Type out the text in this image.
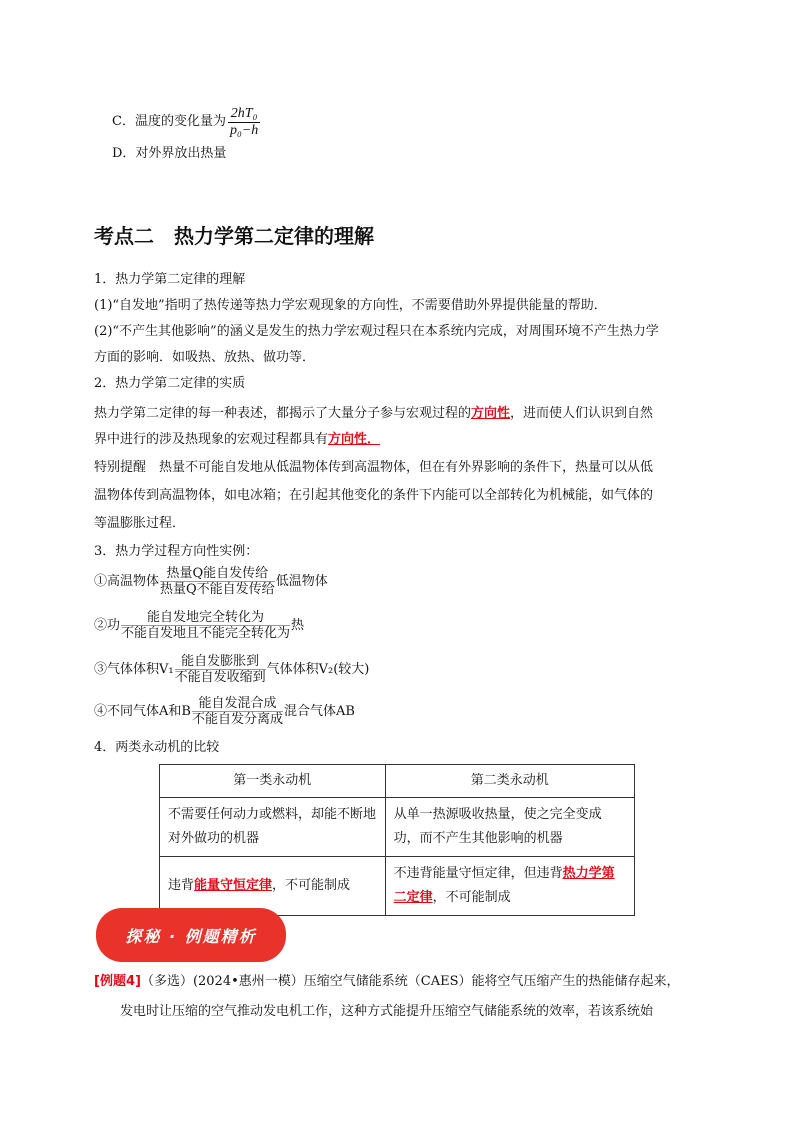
C．温度的变化量为 $\frac{\text{2hT₀}}{\text{p₀−h}}$
D．对外界放出热量
考点二　热力学第二定律的理解
1．热力学第二定律的理解
(1)“自发地”指明了热传递等热力学宏观现象的方向性，不需要借助外界提供能量的帮助．
(2)“不产生其他影响”的涵义是发生的热力学宏观过程只在本系统内完成，对周围环境不产生热力学
方面的影响．如吸热、放热、做功等．
2．热力学第二定律的实质
热力学第二定律的每一种表述，都揭示了大量分子参与宏观过程的方向性，进而使人们认识到自然
界中进行的涉及热现象的宏观过程都具有方向性．
特别提醒　热量不可能自发地从低温物体传到高温物体，但在有外界影响的条件下，热量可以从低
温物体传到高温物体，如电冰箱；在引起其他变化的条件下内能可以全部转化为机械能，如气体的
等温膨胀过程．
3．热力学过程方向性实例：
①高温物体 热量Q能自发传给
热量Q不能自发传给
低温物体
②功	能自发地完全转化为
不能自发地且不能完全转化为
热
③气体体积V₁ 能自发膨胀到
不能自发收缩到
气体体积V₂(较大)
④不同气体A和B 能自发混合成
不能自发分离成
混合气体AB
4．两类永动机的比较
第一类永动机	第二类永动机
不需要任何动力或燃料，却能不断地对外做功的机器	从单一热源吸收热量，使之完全变成功，而不产生其他影响的机器
违背能量守恒定律，不可能制成	不违背能量守恒定律，但违背热力学第二定律，不可能制成
探秘 · 例题精析
[例题4]（多选）(2024•惠州一模）压缩空气储能系统（CAES）能将空气压缩产生的热能储存起来，
发电时让压缩的空气推动发电机工作，这种方式能提升压缩空气储能系统的效率，若该系统始
